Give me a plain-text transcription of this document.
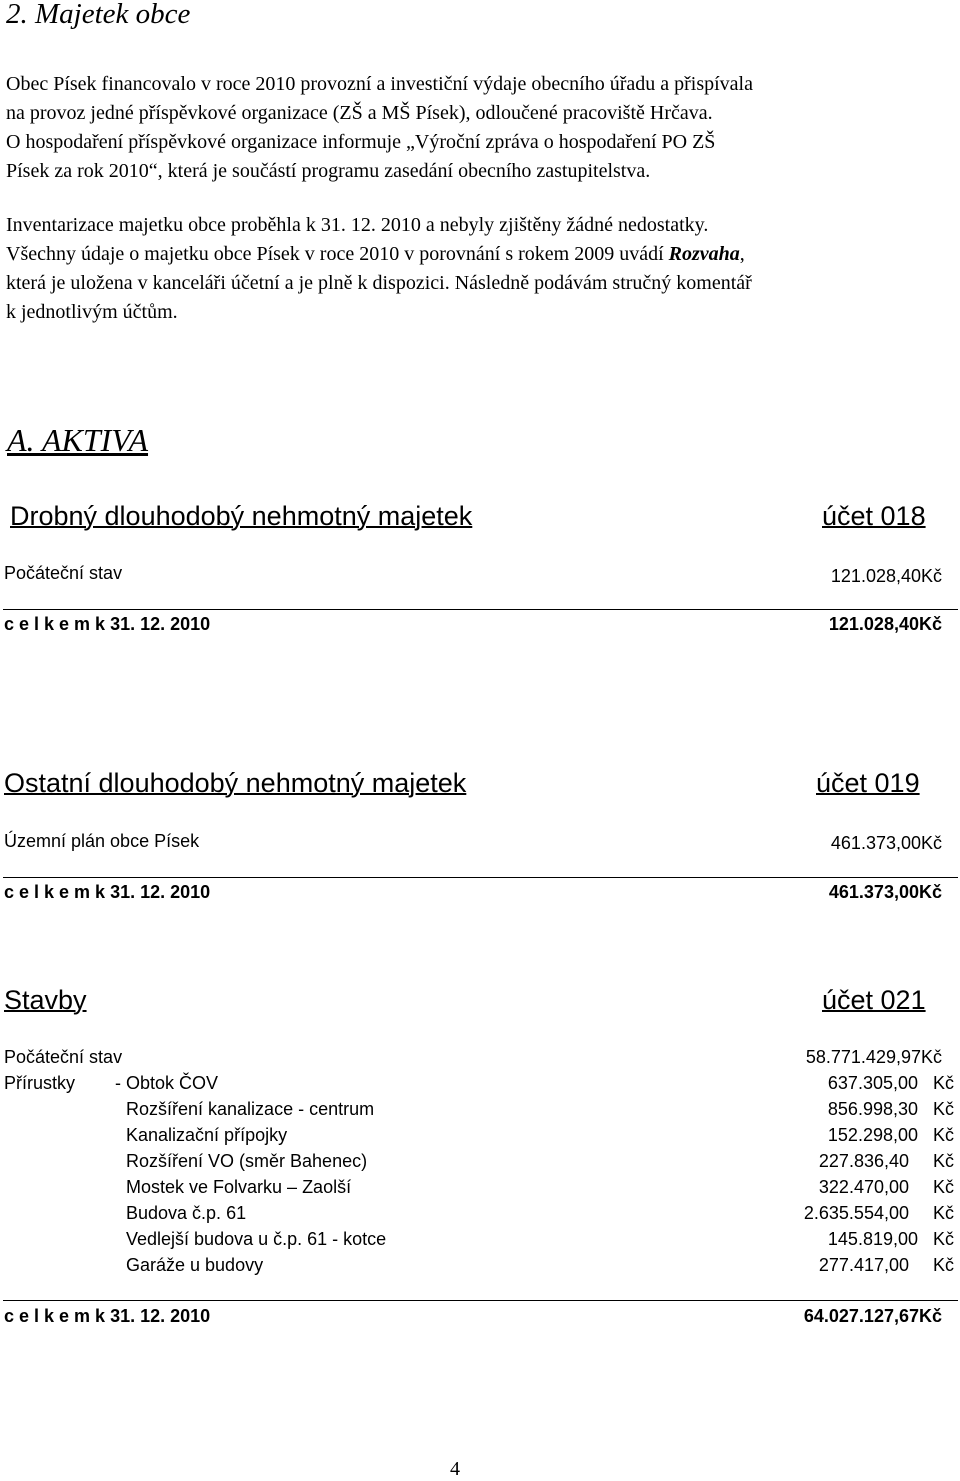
2. Majetek obce
Obec Písek financovalo v roce 2010 provozní a investiční výdaje obecního úřadu a přispívala
na provoz jedné příspěvkové organizace (ZŠ a MŠ Písek), odloučené pracoviště Hrčava.
O hospodaření příspěvkové organizace informuje „Výroční zpráva o hospodaření PO ZŠ
Písek za rok 2010“, která je součástí programu zasedání obecního zastupitelstva.
Inventarizace majetku obce proběhla k 31. 12. 2010 a nebyly zjištěny žádné nedostatky.
Všechny údaje o majetku obce Písek v roce 2010 v porovnání s rokem 2009 uvádí Rozvaha,
která je uložena v kanceláři účetní a je plně k dispozici. Následně podávám stručný komentář
k jednotlivým účtům.
A. AKTIVA
Drobný dlouhodobý nehmotný majetek	účet 018
Počáteční stav	121.028,40Kč
c e l k e m k 31. 12. 2010	121.028,40Kč
Ostatní dlouhodobý nehmotný majetek	účet 019
Územní plán obce Písek	461.373,00Kč
c e l k e m k 31. 12. 2010	461.373,00Kč
Stavby	účet 021
Počáteční stav	58.771.429,97Kč
Přírustky - Obtok ČOV	637.305,00 Kč
Rozšíření kanalizace - centrum	856.998,30 Kč
Kanalizační přípojky	152.298,00 Kč
Rozšíření VO (směr Bahenec)	227.836,40 Kč
Mostek ve Folvarku – Zaolší	322.470,00 Kč
Budova č.p. 61	2.635.554,00 Kč
Vedlejší budova u č.p. 61 - kotce	145.819,00 Kč
Garáže u budovy	277.417,00 Kč
c e l k e m k 31. 12. 2010	64.027.127,67Kč
4
